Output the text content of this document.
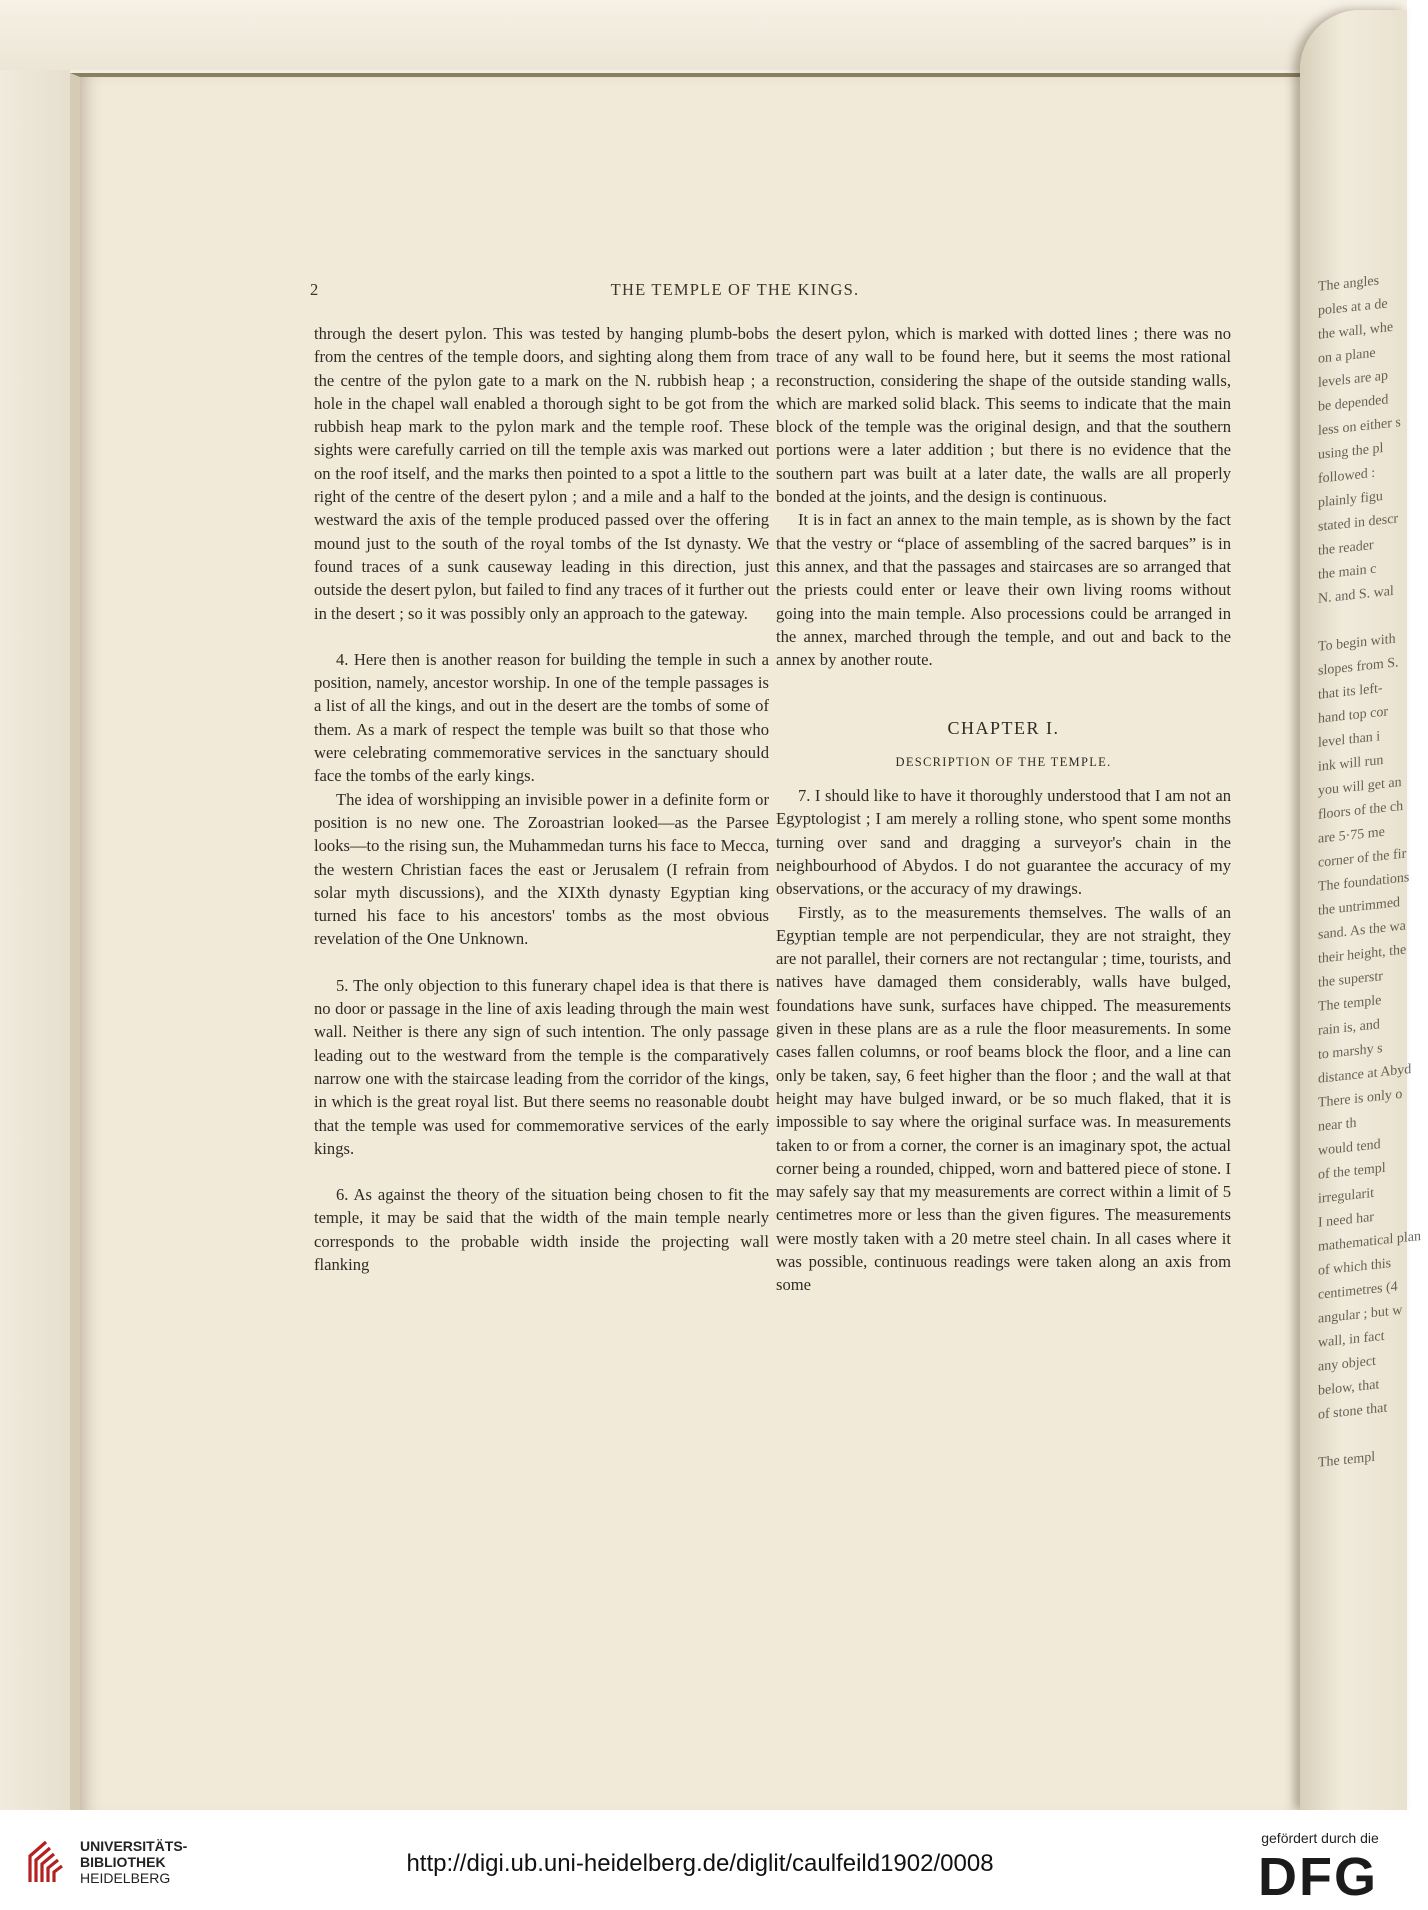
The angles
poles at a de
the wall, whe
on a plane
levels are ap
be depended
less on either s
using the pl
followed :
plainly figu
stated in descr
the reader
the main c
N. and S. wal

To begin with
slopes from S.
that its left-
hand top cor
level than i
ink will run
you will get an
floors of the ch
are 5·75 me
corner of the fir
The foundations
the untrimmed
sand. As the wa
their height, the
the superstr
The temple
rain is, and
to marshy s
distance at Abyd
There is only o
near th
would tend
of the templ
irregularit
I need har
mathematical plan
of which this
centimetres (4
angular ; but w
wall, in fact
any object
below, that
of stone that

The templ
2	THE TEMPLE OF THE KINGS.

through the desert pylon. This was tested by hanging plumb-bobs from the centres of the temple doors, and sighting along them from the centre of the pylon gate to a mark on the N. rubbish heap ; a hole in the chapel wall enabled a thorough sight to be got from the rubbish heap mark to the pylon mark and the temple roof. These sights were carefully carried on till the temple axis was marked out on the roof itself, and the marks then pointed to a spot a little to the right of the centre of the desert pylon ; and a mile and a half to the westward the axis of the temple produced passed over the offering mound just to the south of the royal tombs of the Ist dynasty. We found traces of a sunk causeway leading in this direction, just outside the desert pylon, but failed to find any traces of it further out in the desert ; so it was possibly only an approach to the gateway.

4. Here then is another reason for building the temple in such a position, namely, ancestor worship. In one of the temple passages is a list of all the kings, and out in the desert are the tombs of some of them. As a mark of respect the temple was built so that those who were celebrating commemorative services in the sanctuary should face the tombs of the early kings.

The idea of worshipping an invisible power in a definite form or position is no new one. The Zoroastrian looked—as the Parsee looks—to the rising sun, the Muhammedan turns his face to Mecca, the western Christian faces the east or Jerusalem (I refrain from solar myth discussions), and the XIXth dynasty Egyptian king turned his face to his ancestors' tombs as the most obvious revelation of the One Unknown.

5. The only objection to this funerary chapel idea is that there is no door or passage in the line of axis leading through the main west wall. Neither is there any sign of such intention. The only passage leading out to the westward from the temple is the comparatively narrow one with the staircase leading from the corridor of the kings, in which is the great royal list. But there seems no reasonable doubt that the temple was used for commemorative services of the early kings.

6. As against the theory of the situation being chosen to fit the temple, it may be said that the width of the main temple nearly corresponds to the probable width inside the projecting wall flanking

the desert pylon, which is marked with dotted lines ; there was no trace of any wall to be found here, but it seems the most rational reconstruction, considering the shape of the outside standing walls, which are marked solid black. This seems to indicate that the main block of the temple was the original design, and that the southern portions were a later addition ; but there is no evidence that the southern part was built at a later date, the walls are all properly bonded at the joints, and the design is continuous.

It is in fact an annex to the main temple, as is shown by the fact that the vestry or “place of assembling of the sacred barques” is in this annex, and that the passages and staircases are so arranged that the priests could enter or leave their own living rooms without going into the main temple. Also processions could be arranged in the annex, marched through the temple, and out and back to the annex by another route.

CHAPTER I.

DESCRIPTION OF THE TEMPLE.

7. I should like to have it thoroughly understood that I am not an Egyptologist ; I am merely a rolling stone, who spent some months turning over sand and dragging a surveyor's chain in the neighbourhood of Abydos. I do not guarantee the accuracy of my observations, or the accuracy of my drawings.

Firstly, as to the measurements themselves. The walls of an Egyptian temple are not perpendicular, they are not straight, they are not parallel, their corners are not rectangular ; time, tourists, and natives have damaged them considerably, walls have bulged, foundations have sunk, surfaces have chipped. The measurements given in these plans are as a rule the floor measurements. In some cases fallen columns, or roof beams block the floor, and a line can only be taken, say, 6 feet higher than the floor ; and the wall at that height may have bulged inward, or be so much flaked, that it is impossible to say where the original surface was. In measurements taken to or from a corner, the corner is an imaginary spot, the actual corner being a rounded, chipped, worn and battered piece of stone. I may safely say that my measurements are correct within a limit of 5 centimetres more or less than the given figures. The measurements were mostly taken with a 20 metre steel chain. In all cases where it was possible, continuous readings were taken along an axis from some

UNIVERSITÄTS-
BIBLIOTHEK
HEIDELBERG
http://digi.ub.uni-heidelberg.de/diglit/caulfeild1902/0008
gefördert durch die
DFG
